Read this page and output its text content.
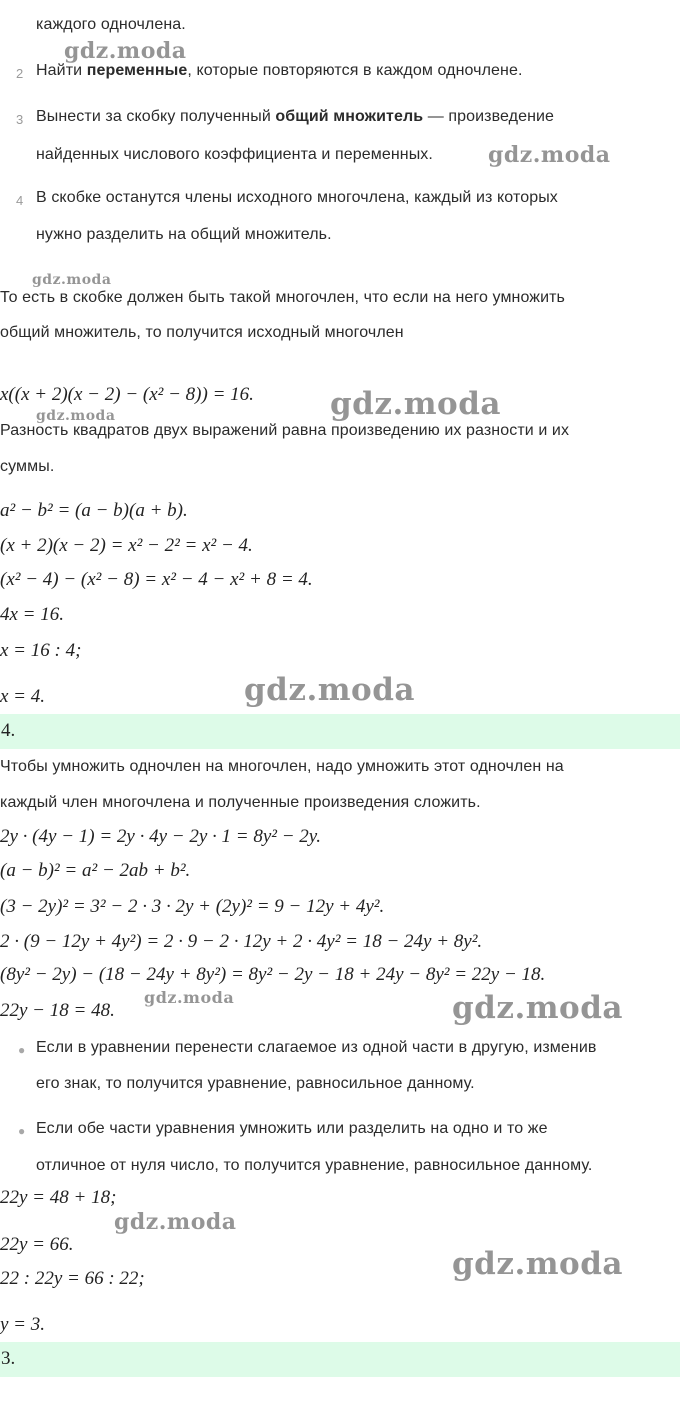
каждого одночлена.
2 Найти переменные, которые повторяются в каждом одночлене.
3 Вынести за скобку полученный общий множитель — произведение
найденных числового коэффициента и переменных.
4 В скобке останутся члены исходного многочлена, каждый из которых
нужно разделить на общий множитель.
То есть в скобке должен быть такой многочлен, что если на него умножить
общий множитель, то получится исходный многочлен
x((x + 2)(x − 2) − (x² − 8)) = 16.
Разность квадратов двух выражений равна произведению их разности и их
суммы.
a² − b² = (a − b)(a + b).
(x + 2)(x − 2) = x² − 2² = x² − 4.
(x² − 4) − (x² − 8) = x² − 4 − x² + 8 = 4.
4x = 16.
x = 16 : 4;
x = 4.
4.
Чтобы умножить одночлен на многочлен, надо умножить этот одночлен на
каждый член многочлена и полученные произведения сложить.
2y · (4y − 1) = 2y · 4y − 2y · 1 = 8y² − 2y.
(a − b)² = a² − 2ab + b².
(3 − 2y)² = 3² − 2 · 3 · 2y + (2y)² = 9 − 12y + 4y².
2 · (9 − 12y + 4y²) = 2 · 9 − 2 · 12y + 2 · 4y² = 18 − 24y + 8y².
(8y² − 2y) − (18 − 24y + 8y²) = 8y² − 2y − 18 + 24y − 8y² = 22y − 18.
22y − 18 = 48.
● Если в уравнении перенести слагаемое из одной части в другую, изменив
его знак, то получится уравнение, равносильное данному.
● Если обе части уравнения умножить или разделить на одно и то же
отличное от нуля число, то получится уравнение, равносильное данному.
22y = 48 + 18;
22y = 66.
22 : 22y = 66 : 22;
y = 3.
3.
gdz.moda
gdz.moda
gdz.moda
gdz.moda
gdz.moda
gdz.moda
gdz.moda	gdz.moda
gdz.moda
gdz.moda
